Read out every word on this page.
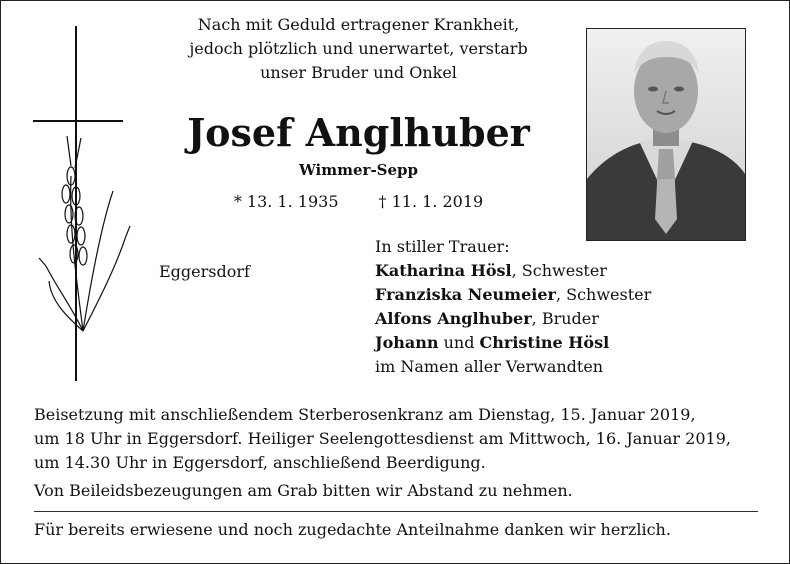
Nach mit Geduld ertragener Krankheit,
jedoch plötzlich und unerwartet, verstarb
unser Bruder und Onkel
Josef Anglhuber
Wimmer-Sepp
* 13. 1. 1935	† 11. 1. 2019
Eggersdorf
In stiller Trauer:
Katharina Hösl, Schwester
Franziska Neumeier, Schwester
Alfons Anglhuber, Bruder
Johann und Christine Hösl
im Namen aller Verwandten
Beisetzung mit anschließendem Sterberosenkranz am Dienstag, 15. Januar 2019,
um 18 Uhr in Eggersdorf. Heiliger Seelengottesdienst am Mittwoch, 16. Januar 2019,
um 14.30 Uhr in Eggersdorf, anschließend Beerdigung.
Von Beileidsbezeugungen am Grab bitten wir Abstand zu nehmen.
Für bereits erwiesene und noch zugedachte Anteilnahme danken wir herzlich.
